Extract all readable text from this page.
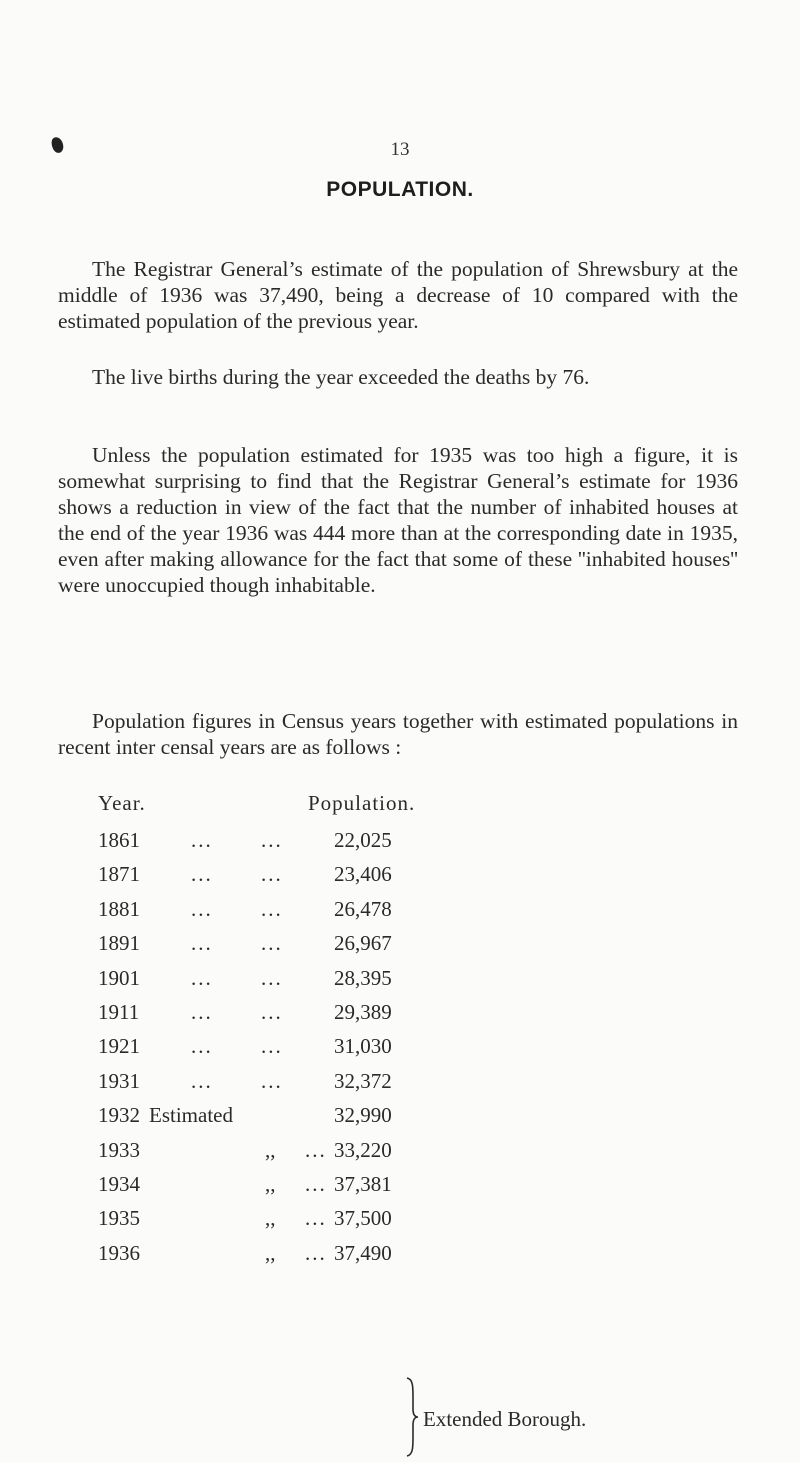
13
POPULATION.

The Registrar General’s estimate of the population of Shrewsbury at the middle of 1936 was 37,490, being a decrease of 10 compared with the estimated population of the previous year.

The live births during the year exceeded the deaths by 76.

Unless the population estimated for 1935 was too high a figure, it is somewhat surprising to find that the Registrar General’s estimate for 1936 shows a reduction in view of the fact that the number of inhabited houses at the end of the year 1936 was 444 more than at the corresponding date in 1935, even after making allowance for the fact that some of these ''inhabited houses'' were unoccupied though inhabitable.

Population figures in Census years together with estimated populations in recent inter censal years are as follows :

Year.	Population.
1861 ... ... 22,025
1871 ... ... 23,406
1881 ... ... 26,478
1891 ... ... 26,967
1901 ... ... 28,395
1911 ... ... 29,389
1921 ... ... 31,030
1931 ... ... 32,372
1932 Estimated	32,990
1933	,, ... 33,220
1934	,, ... 37,381
1935	,, ... 37,500
1936	,, ... 37,490
Extended Borough.
